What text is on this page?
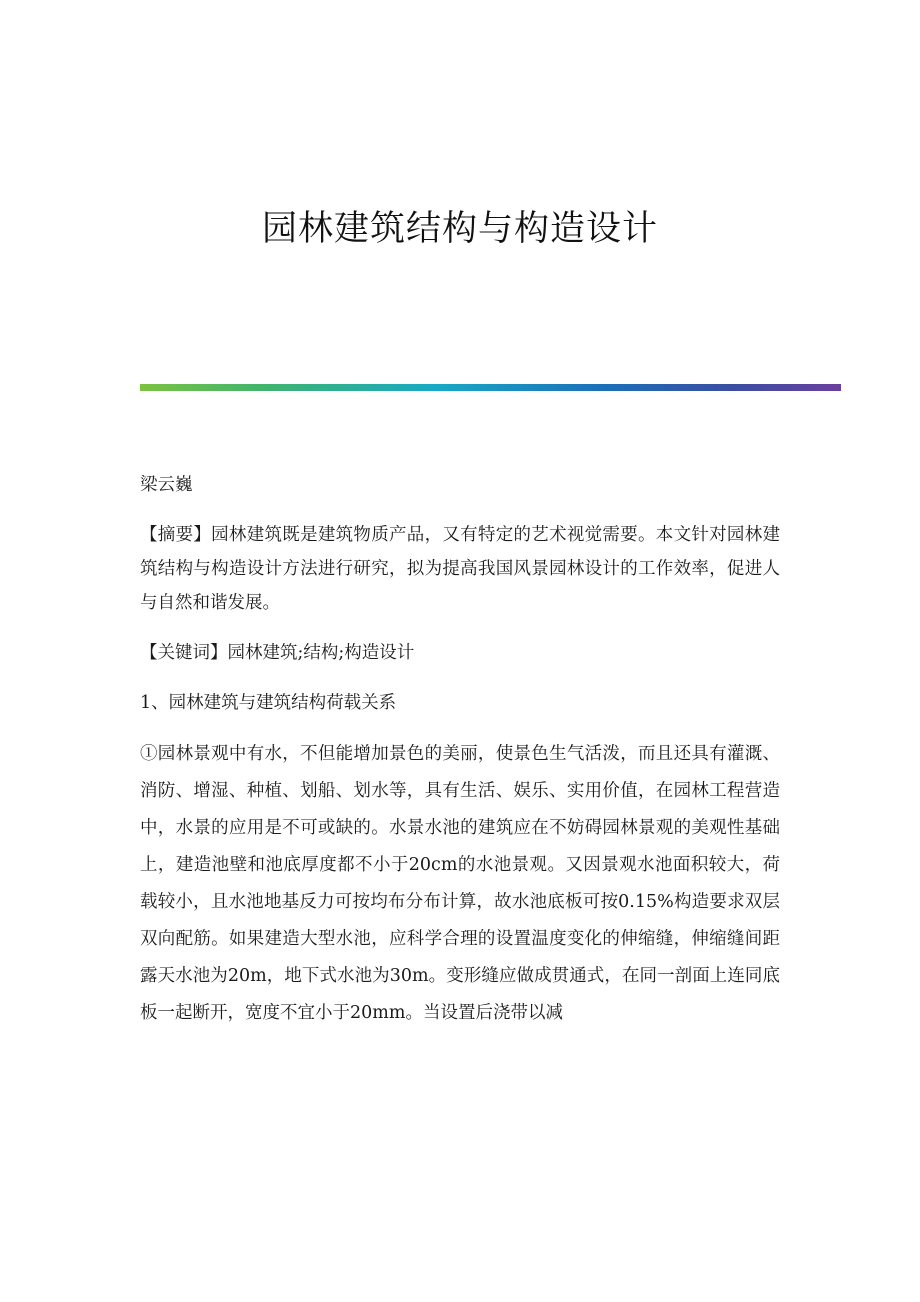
园林建筑结构与构造设计
梁云巍
【摘要】园林建筑既是建筑物质产品，又有特定的艺术视觉需要。本文针对园林建筑结构与构造设计方法进行研究，拟为提高我国风景园林设计的工作效率，促进人与自然和谐发展。
【关键词】园林建筑;结构;构造设计
1、园林建筑与建筑结构荷载关系
①园林景观中有水，不但能增加景色的美丽，使景色生气活泼，而且还具有灌溉、消防、增湿、种植、划船、划水等，具有生活、娱乐、实用价值，在园林工程营造中，水景的应用是不可或缺的。水景水池的建筑应在不妨碍园林景观的美观性基础上，建造池壁和池底厚度都不小于20cm的水池景观。又因景观水池面积较大，荷载较小，且水池地基反力可按均布分布计算，故水池底板可按0.15%构造要求双层双向配筋。如果建造大型水池，应科学合理的设置温度变化的伸缩缝，伸缩缝间距露天水池为20m，地下式水池为30m。变形缝应做成贯通式，在同一剖面上连同底板一起断开，宽度不宜小于20mm。当设置后浇带以减
